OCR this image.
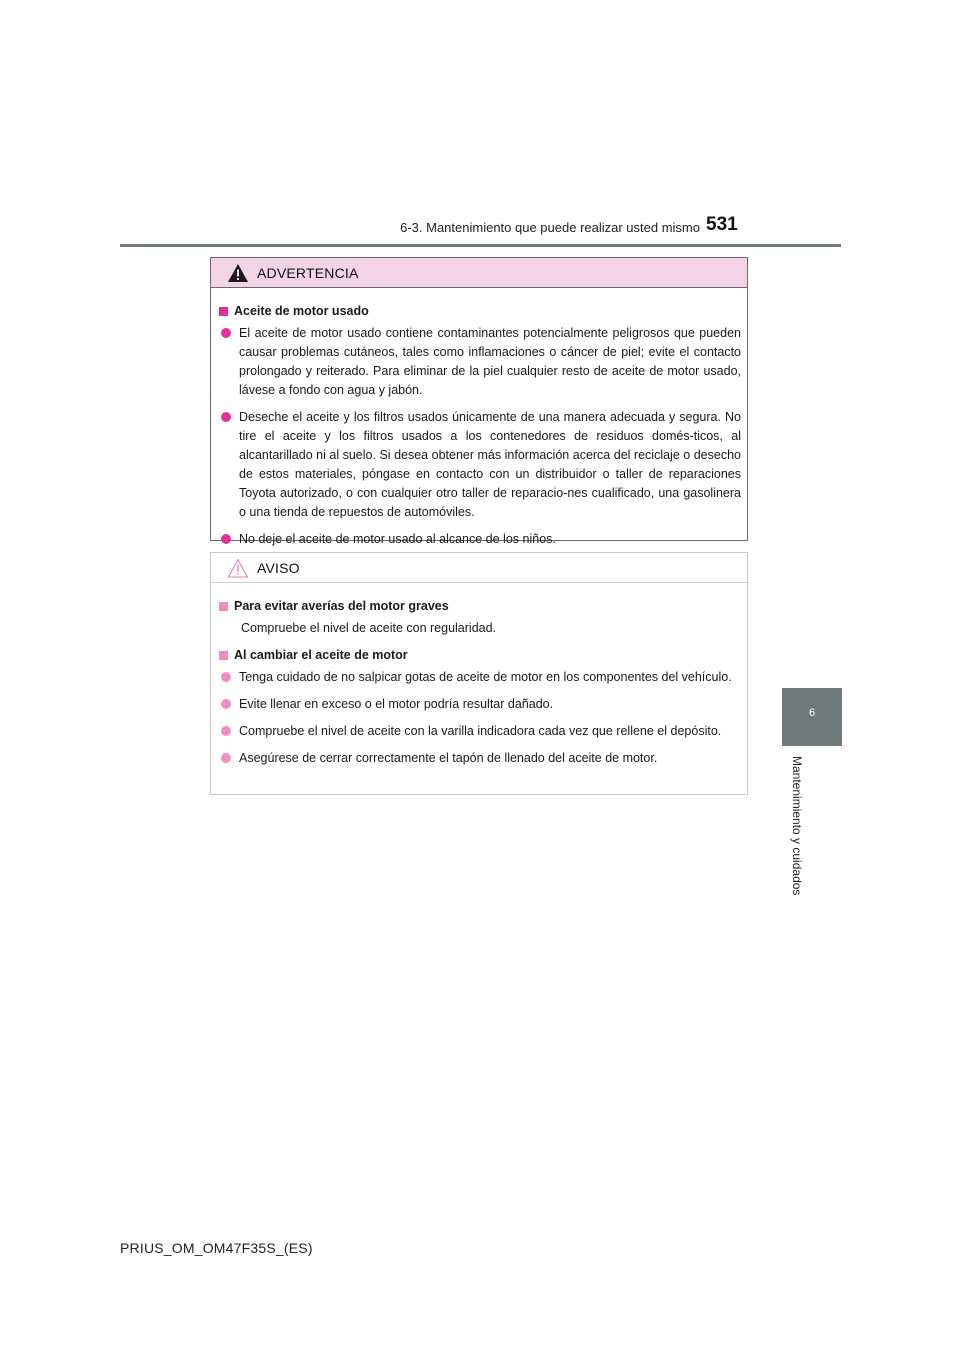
6-3. Mantenimiento que puede realizar usted mismo 531
6
Mantenimiento y cuidados
ADVERTENCIA
Aceite de motor usado
El aceite de motor usado contiene contaminantes potencialmente peligrosos que pueden causar problemas cutáneos, tales como inflamaciones o cáncer de piel; evite el contacto prolongado y reiterado. Para eliminar de la piel cualquier resto de aceite de motor usado, lávese a fondo con agua y jabón.
Deseche el aceite y los filtros usados únicamente de una manera adecuada y segura. No tire el aceite y los filtros usados a los contenedores de residuos domés-ticos, al alcantarillado ni al suelo. Si desea obtener más información acerca del reciclaje o desecho de estos materiales, póngase en contacto con un distribuidor o taller de reparaciones Toyota autorizado, o con cualquier otro taller de reparacio-nes cualificado, una gasolinera o una tienda de repuestos de automóviles.
No deje el aceite de motor usado al alcance de los niños.
AVISO
Para evitar averías del motor graves
Compruebe el nivel de aceite con regularidad.
Al cambiar el aceite de motor
Tenga cuidado de no salpicar gotas de aceite de motor en los componentes del vehículo.
Evite llenar en exceso o el motor podría resultar dañado.
Compruebe el nivel de aceite con la varilla indicadora cada vez que rellene el depósito.
Asegúrese de cerrar correctamente el tapón de llenado del aceite de motor.
PRIUS_OM_OM47F35S_(ES)
